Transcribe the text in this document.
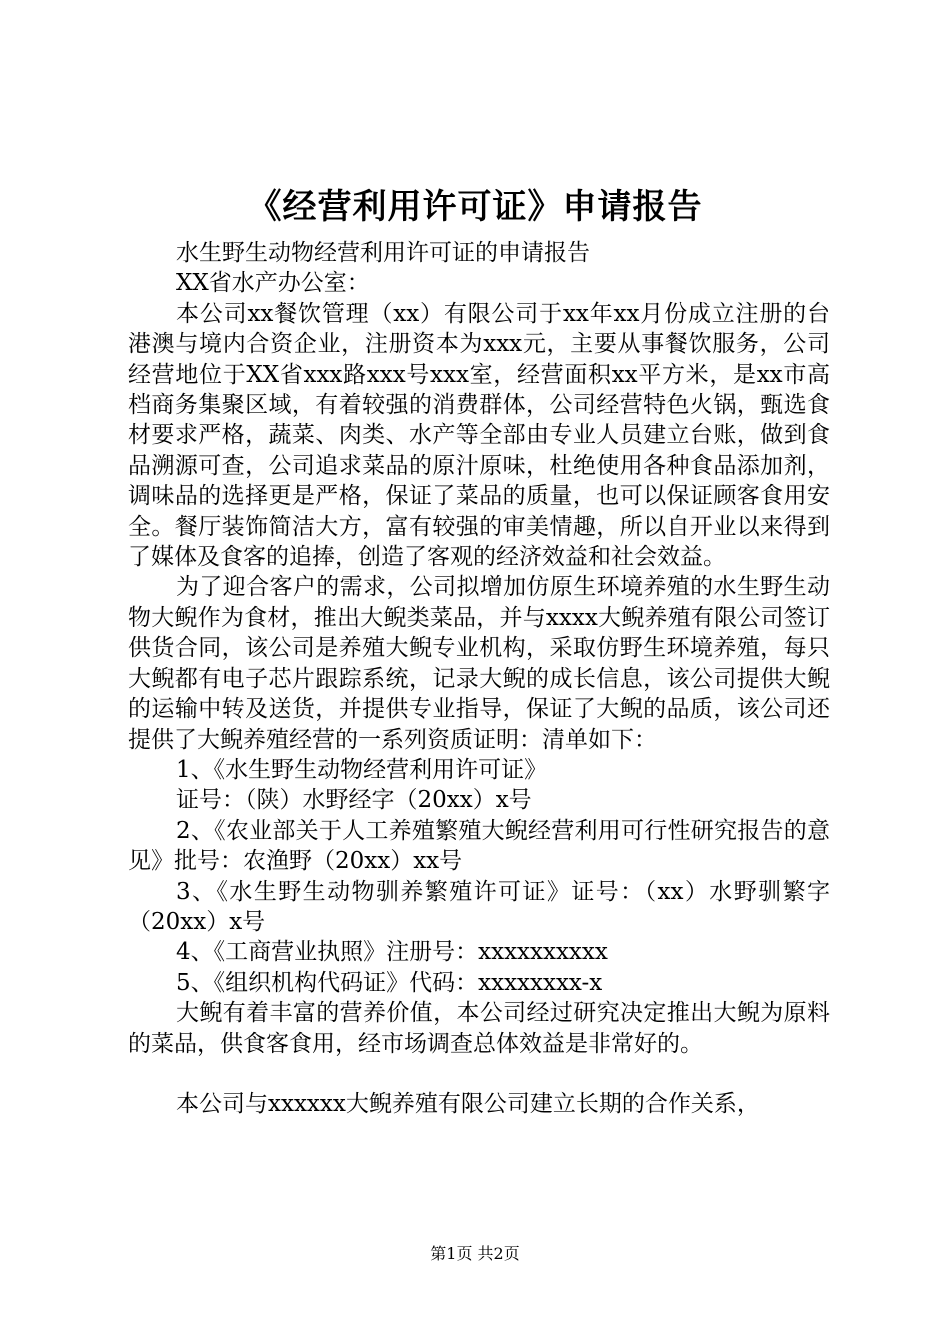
《经营利用许可证》申请报告

水生野生动物经营利用许可证的申请报告

XX省水产办公室：

本公司xx餐饮管理（xx）有限公司于xx年xx月份成立注册的台港澳与境内合资企业，注册资本为xxx元，主要从事餐饮服务，公司经营地位于XX省xxx路xxx号xxx室，经营面积xx平方米，是xx市高档商务集聚区域，有着较强的消费群体，公司经营特色火锅，甄选食材要求严格，蔬菜、肉类、水产等全部由专业人员建立台账，做到食品溯源可查，公司追求菜品的原汁原味，杜绝使用各种食品添加剂，调味品的选择更是严格，保证了菜品的质量，也可以保证顾客食用安全。餐厅装饰简洁大方，富有较强的审美情趣，所以自开业以来得到了媒体及食客的追捧，创造了客观的经济效益和社会效益。

为了迎合客户的需求，公司拟增加仿原生环境养殖的水生野生动物大鲵作为食材，推出大鲵类菜品，并与xxxx大鲵养殖有限公司签订供货合同，该公司是养殖大鲵专业机构，采取仿野生环境养殖，每只大鲵都有电子芯片跟踪系统，记录大鲵的成长信息，该公司提供大鲵的运输中转及送货，并提供专业指导，保证了大鲵的品质，该公司还提供了大鲵养殖经营的一系列资质证明：清单如下：

1、《水生野生动物经营利用许可证》

证号：（陕）水野经字（20xx）x号

2、《农业部关于人工养殖繁殖大鲵经营利用可行性研究报告的意见》批号：农渔野（20xx）xx号

3、《水生野生动物驯养繁殖许可证》证号：（xx）水野驯繁字（20xx）x号

4、《工商营业执照》注册号：xxxxxxxxxx

5、《组织机构代码证》代码：xxxxxxxx-x

大鲵有着丰富的营养价值，本公司经过研究决定推出大鲵为原料的菜品，供食客食用，经市场调查总体效益是非常好的。

本公司与xxxxxx大鲵养殖有限公司建立长期的合作关系，

第1页 共2页
